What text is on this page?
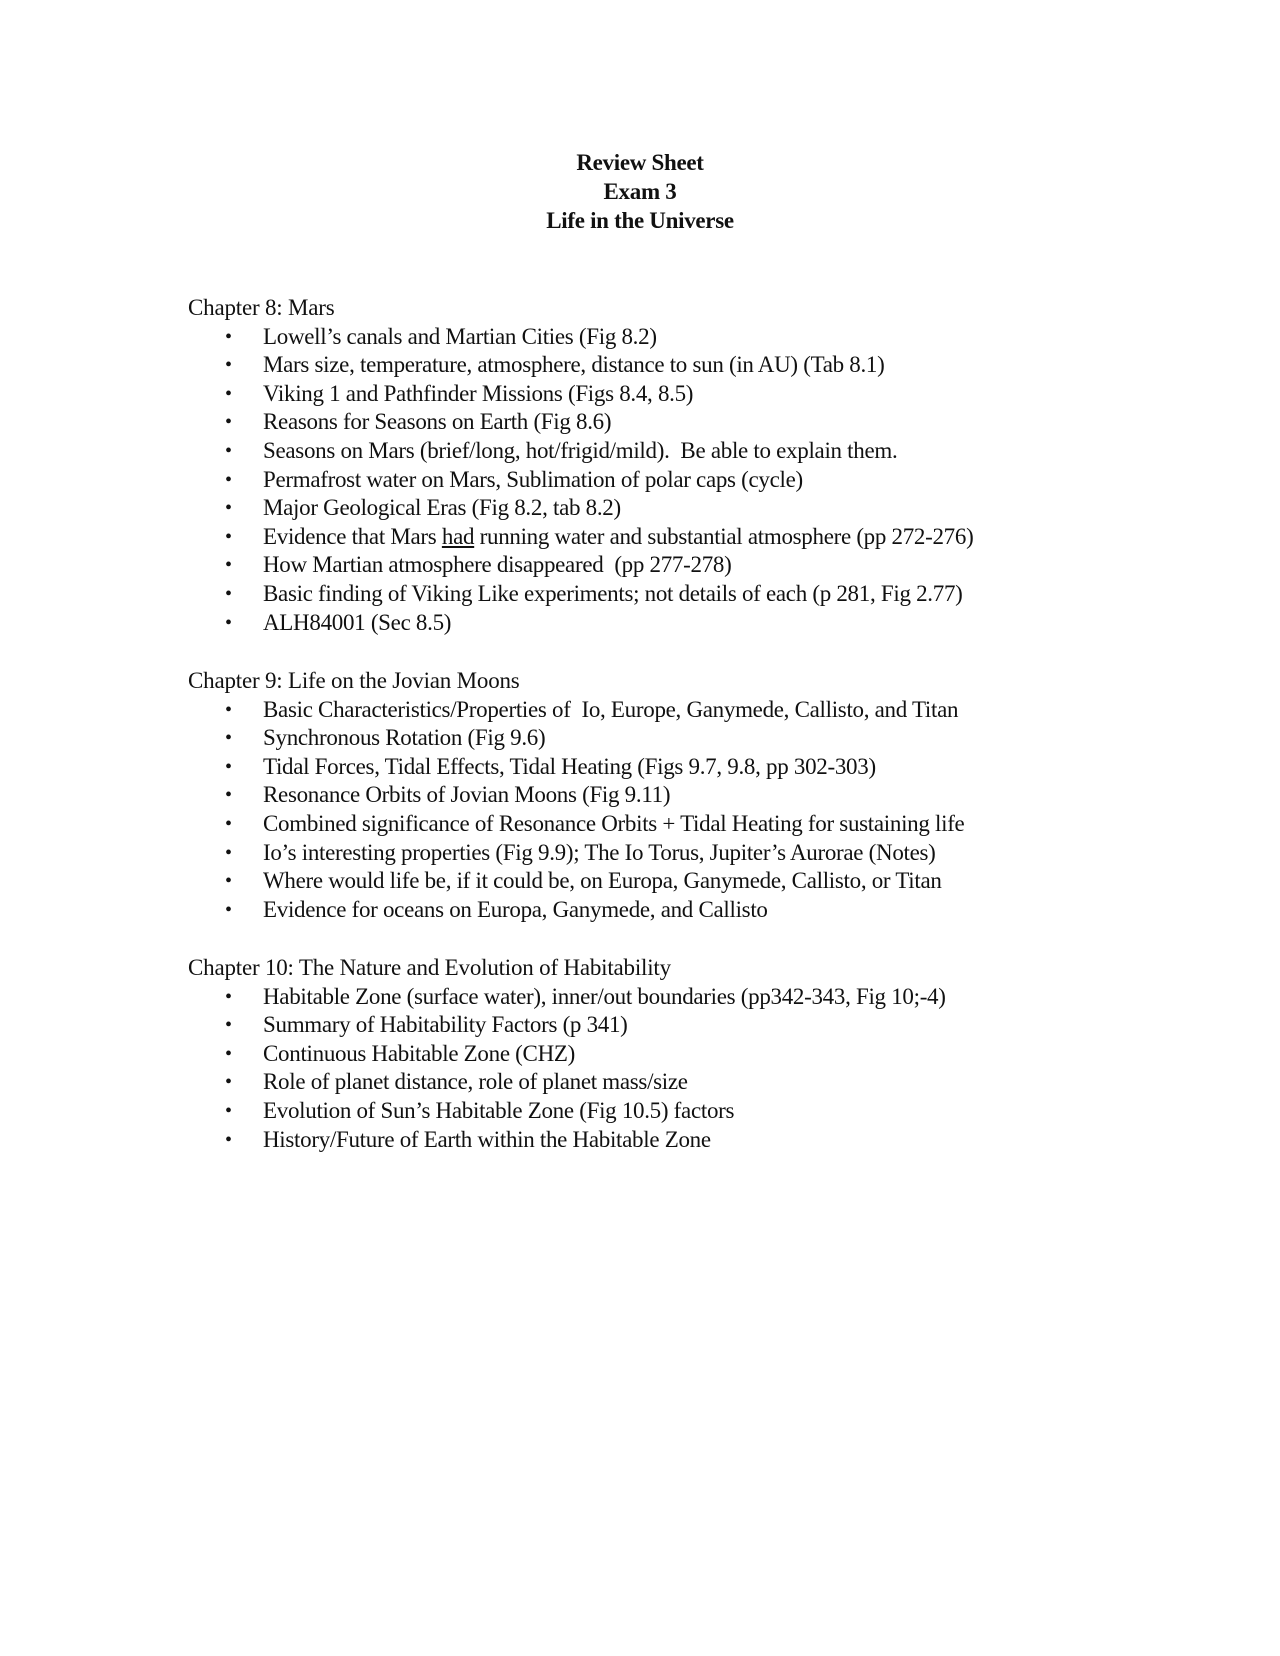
Review Sheet
Exam 3
Life in the Universe
Chapter 8: Mars
• Lowell’s canals and Martian Cities (Fig 8.2)
• Mars size, temperature, atmosphere, distance to sun (in AU) (Tab 8.1)
• Viking 1 and Pathfinder Missions (Figs 8.4, 8.5)
• Reasons for Seasons on Earth (Fig 8.6)
• Seasons on Mars (brief/long, hot/frigid/mild).  Be able to explain them.
• Permafrost water on Mars, Sublimation of polar caps (cycle)
• Major Geological Eras (Fig 8.2, tab 8.2)
• Evidence that Mars had running water and substantial atmosphere (pp 272-276)
• How Martian atmosphere disappeared  (pp 277-278)
• Basic finding of Viking Like experiments; not details of each (p 281, Fig 2.77)
• ALH84001 (Sec 8.5)
Chapter 9: Life on the Jovian Moons
• Basic Characteristics/Properties of  Io, Europe, Ganymede, Callisto, and Titan
• Synchronous Rotation (Fig 9.6)
• Tidal Forces, Tidal Effects, Tidal Heating (Figs 9.7, 9.8, pp 302-303)
• Resonance Orbits of Jovian Moons (Fig 9.11)
• Combined significance of Resonance Orbits + Tidal Heating for sustaining life
• Io’s interesting properties (Fig 9.9); The Io Torus, Jupiter’s Aurorae (Notes)
• Where would life be, if it could be, on Europa, Ganymede, Callisto, or Titan
• Evidence for oceans on Europa, Ganymede, and Callisto
Chapter 10: The Nature and Evolution of Habitability
• Habitable Zone (surface water), inner/out boundaries (pp342-343, Fig 10;-4)
• Summary of Habitability Factors (p 341)
• Continuous Habitable Zone (CHZ)
• Role of planet distance, role of planet mass/size
• Evolution of Sun’s Habitable Zone (Fig 10.5) factors
• History/Future of Earth within the Habitable Zone
